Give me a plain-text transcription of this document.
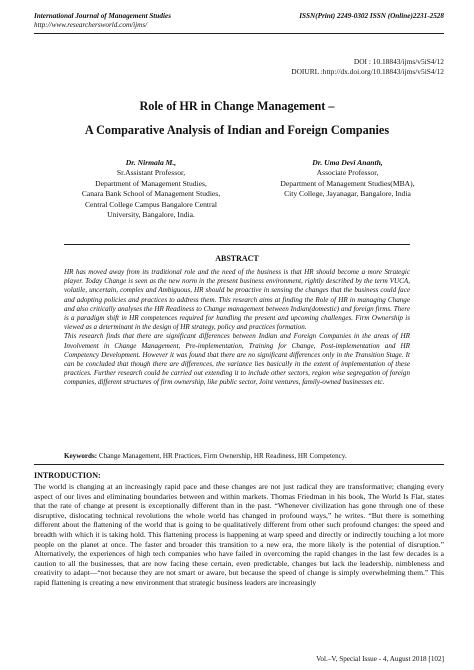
International Journal of Management Studies
http://www.researchersworld.com/ijms/
ISSN(Print) 2249-0302 ISSN (Online)2231-2528
DOI : 10.18843/ijms/v5iS4/12
DOIURL :http://dx.doi.org/10.18843/ijms/v5iS4/12
Role of HR in Change Management –
A Comparative Analysis of Indian and Foreign Companies
Dr. Nirmala M.,
Sr.Assistant Professor,
Department of Management Studies,
Canara Bank School of Management Studies,
Central College Campus Bangalore Central
University, Bangalore, India.
Dr. Uma Devi Ananth,
Associate Professor,
Department of Management Studies(MBA),
City College, Jayanagar, Bangalore, India
ABSTRACT

HR has moved away from its traditional role and the need of the business is that HR should become a more Strategic player. Today Change is seen as the new norm in the present business environment, rightly described by the term VUCA, volatile, uncertain, complex and Ambiguous, HR should be proactive in sensing the changes that the business could face and adopting policies and practices to address them. This research aims at finding the Role of HR in managing Change and also critically analyses the HR Readiness to Change management between Indian(domestic) and foreign firms. There is a paradigm shift in HR competences required for handling the present and upcoming challenges. Firm Ownership is viewed as a determinant in the design of HR strategy, policy and practices formation.

This research finds that there are significant differences between Indian and Foreign Companies in the areas of HR Involvement in Change Management, Pre-implementation, Training for Change, Post-implementation and HR Competency Development. However it was found that there are no significant differences only in the Transition Stage. It can be concluded that though there are differences, the variance lies basically in the extent of implementation of these practices. Further research could be carried out extending it to include other sectors, region wise segregation of foreign companies, different structures of firm ownership, like public sector, Joint ventures, family-owned businesses etc.

Keywords: Change Management, HR Practices, Firm Ownership, HR Readiness, HR Competency.
INTRODUCTION:

The world is changing at an increasingly rapid pace and these changes are not just radical they are transformative; changing every aspect of our lives and eliminating boundaries between and within markets. Thomas Friedman in his book, The World Is Flat, states that the rate of change at present is exceptionally different than in the past. “Whenever civilization has gone through one of these disruptive, dislocating technical revolutions the whole world has changed in profound ways,” he writes. “But there is something different about the flattening of the world that is going to be qualitatively different from other such profound changes: the speed and breadth with which it is taking hold. This flattening process is happening at warp speed and directly or indirectly touching a lot more people on the planet at once. The faster and broader this transition to a new era, the more likely is the potential of disruption.” Alternatively, the experiences of high tech companies who have failed in overcoming the rapid changes in the last few decades is a caution to all the businesses, that are now facing these certain, even predictable, changes but lack the leadership, nimbleness and creativity to adapt—“not because they are not smart or aware, but because the speed of change is simply overwhelming them.” This rapid flattening is creating a new environment that strategic business leaders are increasingly

Vol.–V, Special Issue - 4, August 2018 [102]
